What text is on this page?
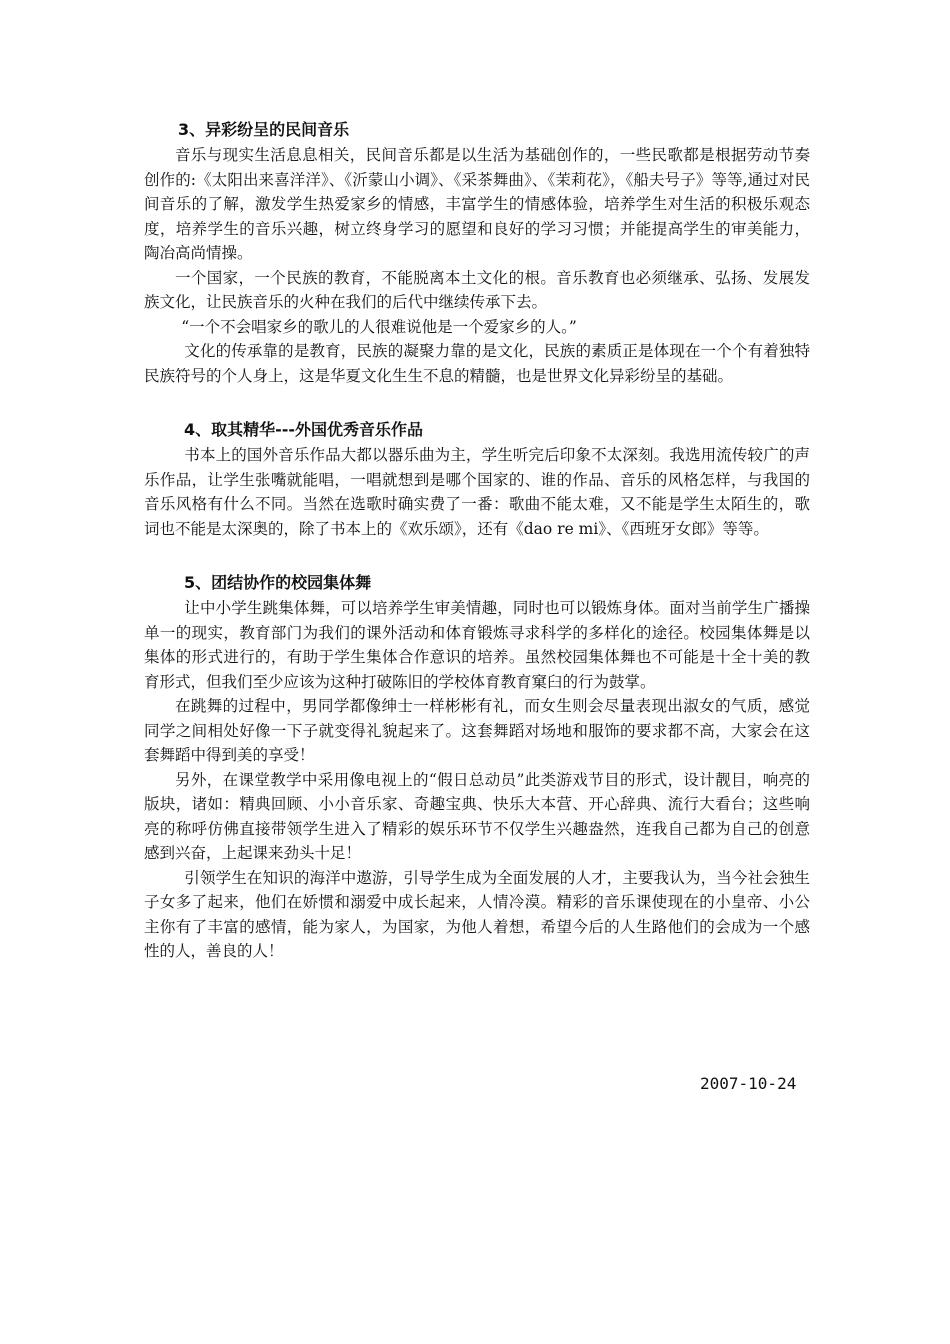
3、异彩纷呈的民间音乐

音乐与现实生活息息相关，民间音乐都是以生活为基础创作的，一些民歌都是根据劳动节奏创作的:《太阳出来喜洋洋》、《沂蒙山小调》、《采茶舞曲》、《茉莉花》，《船夫号子》等等,通过对民间音乐的了解，激发学生热爱家乡的情感，丰富学生的情感体验，培养学生对生活的积极乐观态度，培养学生的音乐兴趣，树立终身学习的愿望和良好的学习习惯；并能提高学生的审美能力，陶冶高尚情操。

一个国家，一个民族的教育，不能脱离本土文化的根。音乐教育也必须继承、弘扬、发展发族文化，让民族音乐的火种在我们的后代中继续传承下去。

“一个不会唱家乡的歌儿的人很难说他是一个爱家乡的人。”

文化的传承靠的是教育，民族的凝聚力靠的是文化，民族的素质正是体现在一个个有着独特民族符号的个人身上，这是华夏文化生生不息的精髓，也是世界文化异彩纷呈的基础。

4、取其精华---外国优秀音乐作品

书本上的国外音乐作品大都以器乐曲为主，学生听完后印象不太深刻。我选用流传较广的声乐作品，让学生张嘴就能唱，一唱就想到是哪个国家的、谁的作品、音乐的风格怎样，与我国的音乐风格有什么不同。当然在选歌时确实费了一番：歌曲不能太难，又不能是学生太陌生的，歌词也不能是太深奥的，除了书本上的《欢乐颂》，还有《dao re mi》、《西班牙女郎》等等。

5、团结协作的校园集体舞

让中小学生跳集体舞，可以培养学生审美情趣，同时也可以锻炼身体。面对当前学生广播操单一的现实，教育部门为我们的课外活动和体育锻炼寻求科学的多样化的途径。校园集体舞是以集体的形式进行的，有助于学生集体合作意识的培养。虽然校园集体舞也不可能是十全十美的教育形式，但我们至少应该为这种打破陈旧的学校体育教育窠臼的行为鼓掌。

在跳舞的过程中，男同学都像绅士一样彬彬有礼，而女生则会尽量表现出淑女的气质，感觉同学之间相处好像一下子就变得礼貌起来了。这套舞蹈对场地和服饰的要求都不高，大家会在这套舞蹈中得到美的享受！

另外，在课堂教学中采用像电视上的“假日总动员”此类游戏节目的形式，设计靓目，响亮的版块，诸如：精典回顾、小小音乐家、奇趣宝典、快乐大本营、开心辞典、流行大看台；这些响亮的称呼仿佛直接带领学生进入了精彩的娱乐环节不仅学生兴趣盎然，连我自己都为自己的创意感到兴奋，上起课来劲头十足！

引领学生在知识的海洋中遨游，引导学生成为全面发展的人才，主要我认为，当今社会独生子女多了起来，他们在娇惯和溺爱中成长起来，人情冷漠。精彩的音乐课使现在的小皇帝、小公主你有了丰富的感情，能为家人，为国家，为他人着想，希望今后的人生路他们的会成为一个感性的人，善良的人！

2007-10-24
